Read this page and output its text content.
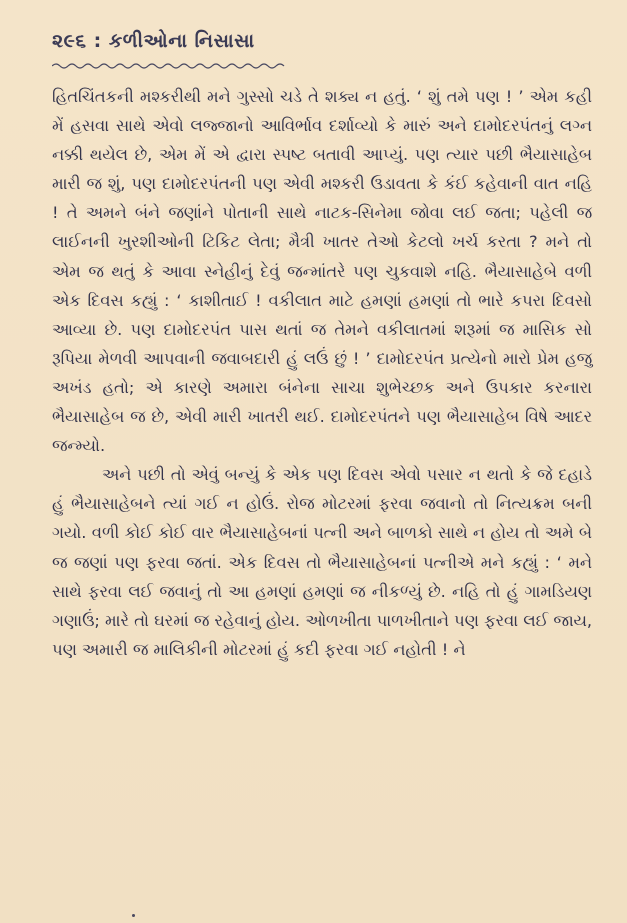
૨૯૬ : કળીઓના નિસાસા

હિતચિંતકની મશ્કરીથી મને ગુસ્સો ચડે તે શક્ય ન હતું. ‘ શું તમે પણ ! ’ એમ કહી મેં હસવા સાથે એવો લજ્જાનો આવિર્ભાવ દર્શાવ્યો કે મારું અને દામોદરપંતનું લગ્ન નક્કી થયેલ છે, એમ મેં એ દ્વારા સ્પષ્ટ બતાવી આપ્યું. પણ ત્યાર પછી ભૈયાસાહેબ મારી જ શું, પણ દામોદરપંતની પણ એવી મશ્કરી ઉડાવતા કે કંઈ કહેવાની વાત નહિ ! તે અમને બંને જણાંને પોતાની સાથે નાટક-સિનેમા જોવા લઈ જતા; પહેલી જ લાઈનની ખુરશીઓની ટિકિટ લેતા; મૈત્રી ખાતર તેઓ કેટલો ખર્ચ કરતા ? મને તો એમ જ થતું કે આવા સ્નેહીનું દેવું જન્માંતરે પણ ચુકવાશે નહિ. ભૈયાસાહેબે વળી એક દિવસ કહ્યું : ‘ કાશીતાઈ ! વકીલાત માટે હમણાં હમણાં તો ભારે કપરા દિવસો આવ્યા છે. પણ દામોદરપંત પાસ થતાં જ તેમને વકીલાતમાં શરૂમાં જ માસિક સો રૂપિયા મેળવી આપવાની જવાબદારી હું લઉં છું ! ’ દામોદરપંત પ્રત્યેનો મારો પ્રેમ હજુ અખંડ હતો; એ કારણે અમારા બંનેના સાચા શુભેચ્છક અને ઉપકાર કરનારા ભૈયાસાહેબ જ છે, એવી મારી ખાતરી થઈ. દામોદરપંતને પણ ભૈયાસાહેબ વિષે આદર જન્મ્યો.

અને પછી તો એવું બન્યું કે એક પણ દિવસ એવો પસાર ન થતો કે જે દહાડે હું ભૈયાસાહેબને ત્યાં ગઈ ન હોઉં. રોજ મોટરમાં ફરવા જવાનો તો નિત્યક્રમ બની ગયો. વળી કોઈ કોઈ વાર ભૈયાસાહેબનાં પત્ની અને બાળકો સાથે ન હોય તો અમે બે જ જણાં પણ ફરવા જતાં. એક દિવસ તો ભૈયાસાહેબનાં પત્નીએ મને કહ્યું : ‘ મને સાથે ફરવા લઈ જવાનું તો આ હમણાં હમણાં જ નીકળ્યું છે. નહિ તો હું ગામડિયણ ગણાઉં; મારે તો ઘરમાં જ રહેવાનું હોય. ઓળખીતા પાળખીતાને પણ ફરવા લઈ જાય, પણ અમારી જ માલિકીની મોટરમાં હું કદી ફરવા ગઈ નહોતી ! ને
